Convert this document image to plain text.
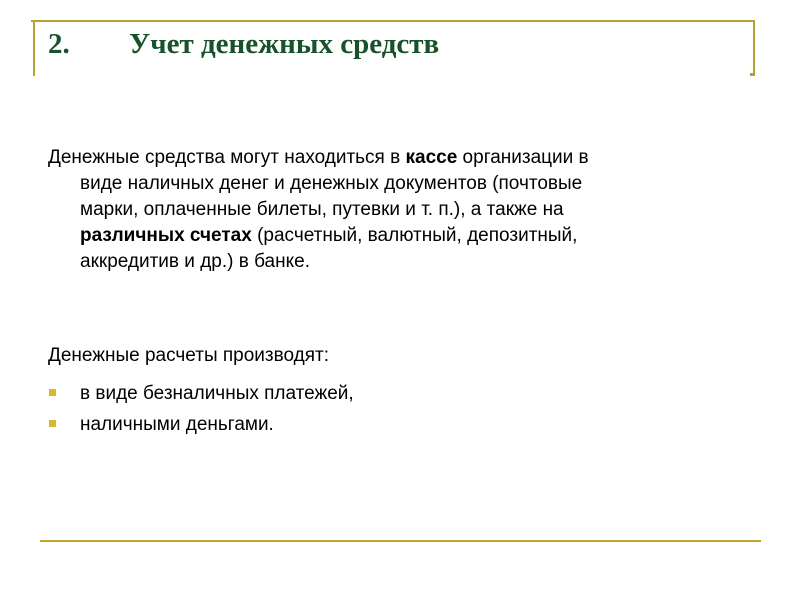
2. Учет денежных средств
Денежные средства могут находиться в кассе организации в
виде наличных денег и денежных документов (почтовые
марки, оплаченные билеты, путевки и т. п.), а также на
различных счетах (расчетный, валютный, депозитный,
аккредитив и др.) в банке.

Денежные расчеты производят:

в виде безналичных платежей,
наличными деньгами.
